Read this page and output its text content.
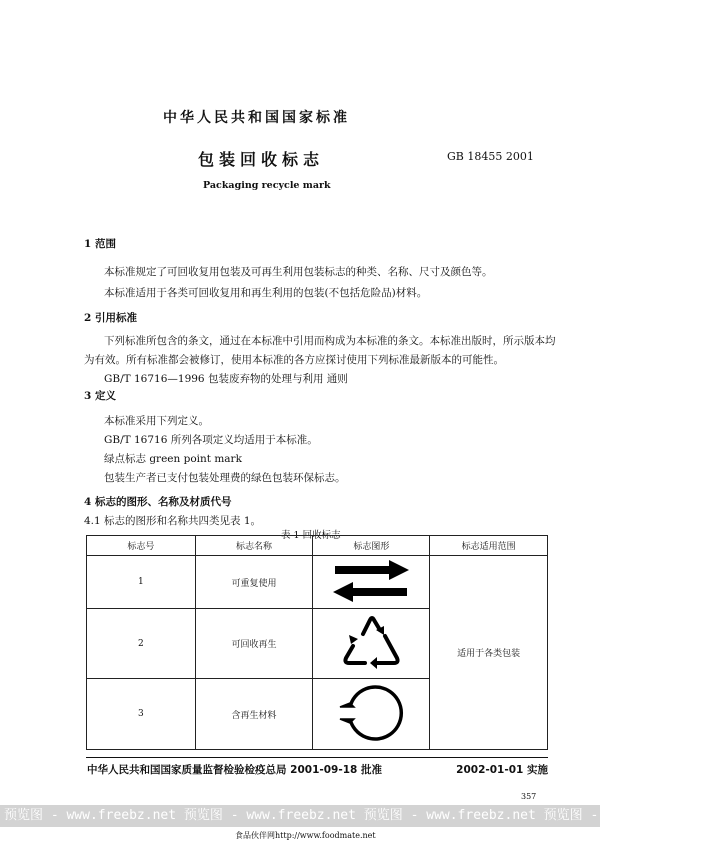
中华人民共和国国家标准
包装回收标志	GB 18455 2001
Packaging recycle mark
1 范围
本标准规定了可回收复用包装及可再生利用包装标志的种类、名称、尺寸及颜色等。
本标准适用于各类可回收复用和再生利用的包装(不包括危险品)材料。
2 引用标准
下列标准所包含的条文，通过在本标准中引用而构成为本标准的条文。本标准出版时，所示版本均
为有效。所有标准都会被修订，使用本标准的各方应探讨使用下列标准最新版本的可能性。
GB/T 16716—1996 包装废弃物的处理与利用 通则
3 定义
本标准采用下列定义。
GB/T 16716 所列各项定义均适用于本标准。
绿点标志 green point mark
包装生产者已支付包装处理费的绿色包装环保标志。
4 标志的图形、名称及材质代号
4.1 标志的图形和名称共四类见表 1。
表 1 回收标志
标志号	标志名称	标志图形	标志适用范围
1	可重复使用		适用于各类包装
2	可回收再生	
3	含再生材料	
中华人民共和国国家质量监督检验检疫总局 2001-09-18 批准	2002-01-01 实施
357
预览图 - www.freebz.net 预览图 - www.freebz.net 预览图 - www.freebz.net 预览图 - www.freebz.net
食品伙伴网http://www.foodmate.net
